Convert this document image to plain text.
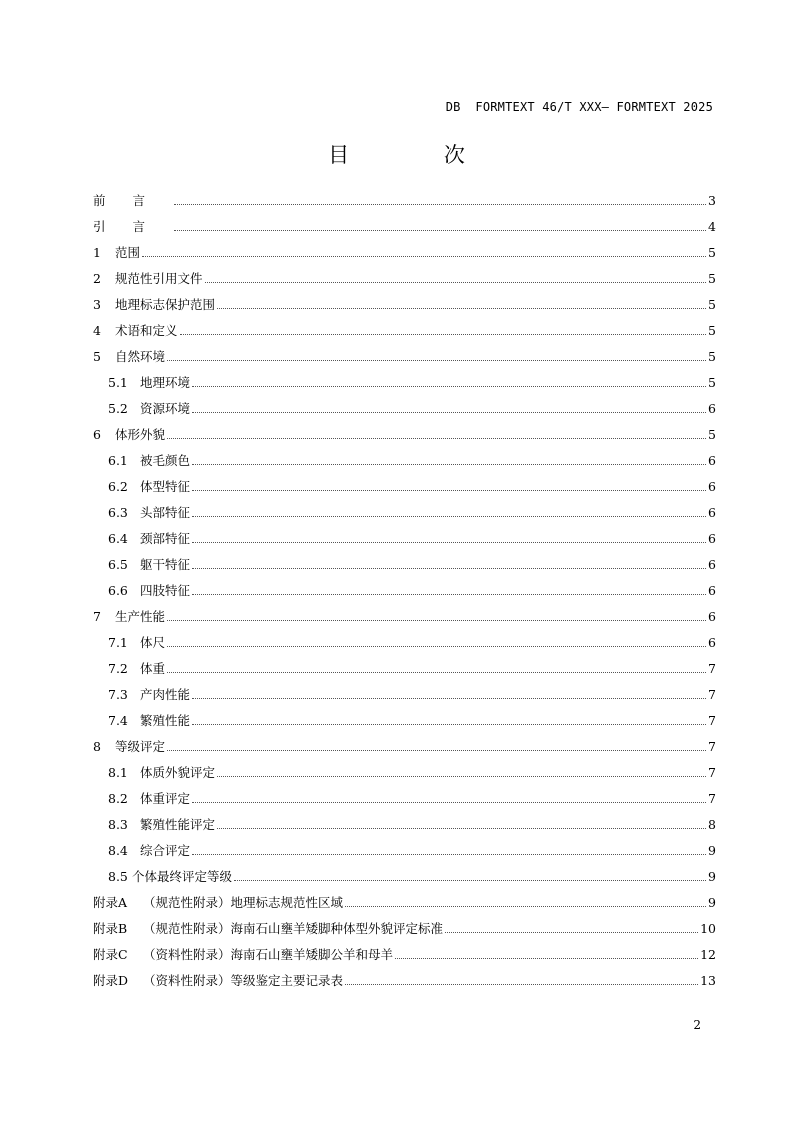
DB  FORMTEXT 46/T XXX— FORMTEXT 2025
目 次
前言	3
引言	4
1	范围	5
2	规范性引用文件	5
3	地理标志保护范围	5
4	术语和定义	5
5	自然环境	5
5.1 地理环境	5
5.2 资源环境	6
6	体形外貌	5
6.1 被毛颜色	6
6.2 体型特征	6
6.3 头部特征	6
6.4 颈部特征	6
6.5 躯干特征	6
6.6 四肢特征	6
7	生产性能	6
7.1 体尺	6
7.2 体重	7
7.3 产肉性能	7
7.4 繁殖性能	7
8	等级评定	7
8.1 体质外貌评定	7
8.2 体重评定	7
8.3 繁殖性能评定	8
8.4 综合评定	9
8.5 个体最终评定等级	9
附录A	（规范性附录）地理标志规范性区域	9
附录B	（规范性附录）海南石山壅羊矮脚种体型外貌评定标准	10
附录C	（资料性附录）海南石山壅羊矮脚公羊和母羊	12
附录D	（资料性附录）等级鉴定主要记录表	13
2
